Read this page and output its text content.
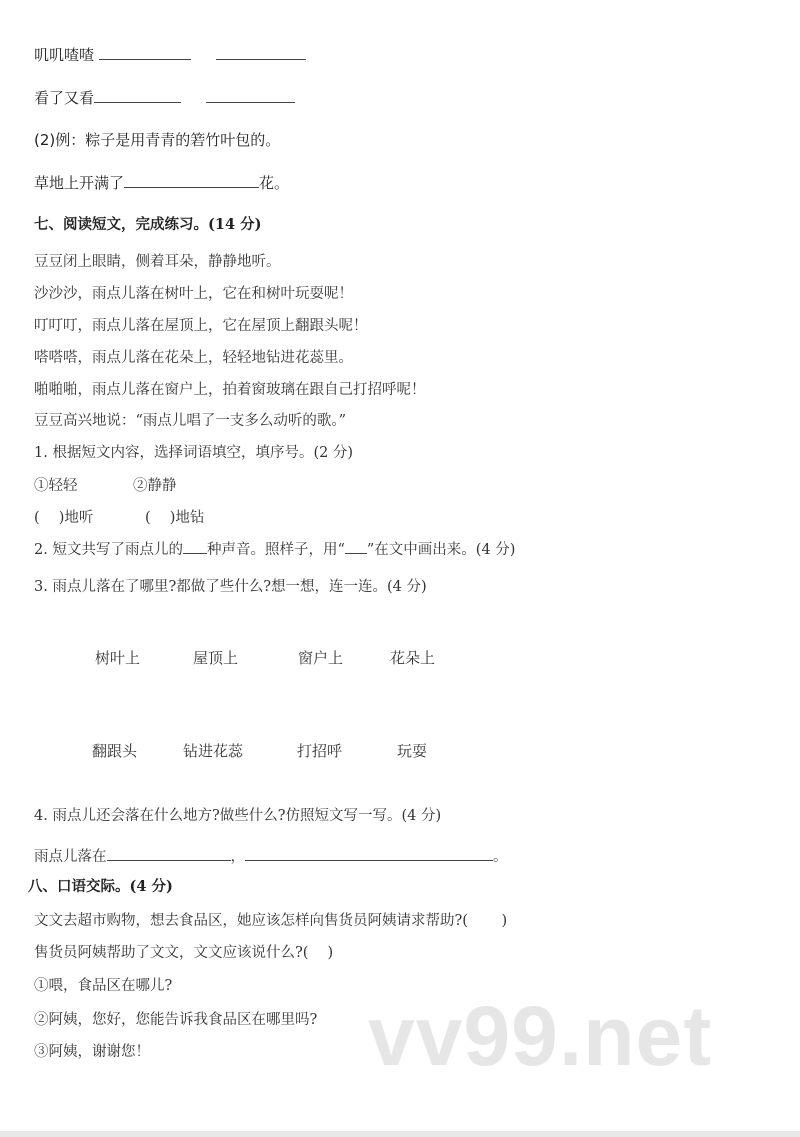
叽叽喳喳
看了又看
(2)例：粽子是用青青的箬竹叶包的。
草地上开满了	花。
七、阅读短文，完成练习。(14 分)
豆豆闭上眼睛，侧着耳朵，静静地听。
沙沙沙，雨点儿落在树叶上，它在和树叶玩耍呢！
叮叮叮，雨点儿落在屋顶上，它在屋顶上翻跟头呢！
嗒嗒嗒，雨点儿落在花朵上，轻轻地钻进花蕊里。
啪啪啪，雨点儿落在窗户上，拍着窗玻璃在跟自己打招呼呢！
豆豆高兴地说：“雨点儿唱了一支多么动听的歌。”
1. 根据短文内容，选择词语填空，填序号。(2 分)
①轻轻	②静静
(　 )地听	(　 )地钻
2. 短文共写了雨点儿的 种声音。照样子，用“ ”在文中画出来。(4 分)
3. 雨点儿落在了哪里?都做了些什么?想一想，连一连。(4 分)
树叶上	屋顶上	窗户上	花朵上
翻跟头	钻进花蕊	打招呼	玩耍
4. 雨点儿还会落在什么地方?做些什么?仿照短文写一写。(4 分)
雨点儿落在	，	。
八、口语交际。(4 分)
文文去超市购物，想去食品区，她应该怎样向售货员阿姨请求帮助?(　　 )
售货员阿姨帮助了文文，文文应该说什么?(　 )
①喂，食品区在哪儿?
②阿姨，您好，您能告诉我食品区在哪里吗?
③阿姨，谢谢您！	vv99.net
